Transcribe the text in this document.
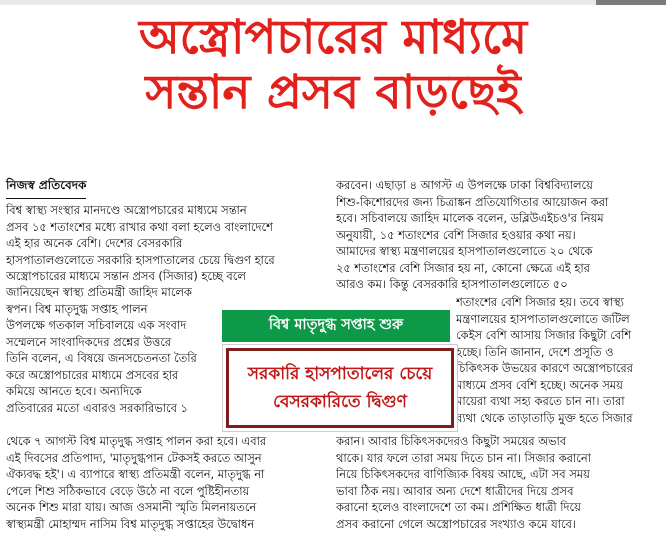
অস্ত্রোপচারের মাধ্যমে
সন্তান প্রসব বাড়ছেই
নিজস্ব প্রতিবেদক
বিশ্ব স্বাস্থ্য সংস্থার মানদণ্ডে অস্ত্রোপচারের মাধ্যমে সন্তান
প্রসব ১৫ শতাংশের মধ্যে রাখার কথা বলা হলেও বাংলাদেশে
এই হার অনেক বেশি। দেশের বেসরকারি
হাসপাতালগুলোতে সরকারি হাসপাতালের চেয়ে দ্বিগুণ হারে
অস্ত্রোপচারের মাধ্যমে সন্তান প্রসব (সিজার) হচ্ছে বলে
জানিয়েছেন স্বাস্থ্য প্রতিমন্ত্রী জাহিদ মালেক
স্বপন। বিশ্ব মাতৃদুগ্ধ সপ্তাহ পালন
উপলক্ষে গতকাল সচিবালয়ে এক সংবাদ
সম্মেলনে সাংবাদিকদের প্রশ্নের উত্তরে
তিনি বলেন, এ বিষয়ে জনসচেতনতা তৈরি
করে অস্ত্রোপচারের মাধ্যমে প্রসবের হার
কমিয়ে আনতে হবে। অন্যদিকে
প্রতিবারের মতো এবারও সরকারিভাবে ১
থেকে ৭ আগস্ট বিশ্ব মাতৃদুগ্ধ সপ্তাহ পালন করা হবে। এবার
এই দিবসের প্রতিপাদ্য, 'মাতৃদুগ্ধপান টেকসই করতে আসুন
ঐক্যবদ্ধ হই'। এ ব্যাপারে স্বাস্থ্য প্রতিমন্ত্রী বলেন, মাতৃদুগ্ধ না
পেলে শিশু সঠিকভাবে বেড়ে উঠে না বলে পুষ্টিহীনতায়
অনেক শিশু মারা যায়। আজ ওসমানী স্মৃতি মিলনায়তনে
স্বাস্থ্যমন্ত্রী মোহাম্মদ নাসিম বিশ্ব মাতৃদুগ্ধ সপ্তাহের উদ্বোধন
করবেন। এছাড়া ৪ আগস্ট এ উপলক্ষে ঢাকা বিশ্ববিদ্যালয়ে
শিশু-কিশোরদের জন্য চিত্রাঙ্কন প্রতিযোগিতার আয়োজন করা
হবে। সচিবালয়ে জাহিদ মালেক বলেন, ডব্লিউএইচও'র নিয়ম
অনুযায়ী, ১৫ শতাংশের বেশি সিজার হওয়ার কথা নয়।
আমাদের স্বাস্থ্য মন্ত্রণালয়ের হাসপাতালগুলোতে ২০ থেকে
২৫ শতাংশের বেশি সিজার হয় না, কোনো ক্ষেত্রে এই হার
আরও কম। কিন্তু বেসরকারি হাসপাতালগুলোতে ৫০
শতাংশের বেশি সিজার হয়। তবে স্বাস্থ্য
মন্ত্রণালয়ের হাসপাতালগুলোতে জটিল
কেইস বেশি আসায় সিজার কিছুটা বেশি
হচ্ছে। তিনি জানান, দেশে প্রসূতি ও
চিকিৎসক উভয়ের কারণে অস্ত্রোপচারের
মাধ্যমে প্রসব বেশি হচ্ছে। অনেক সময়
মায়েরা ব্যথা সহ্য করতে চান না। তারা
ব্যথা থেকে তাড়াতাড়ি মুক্ত হতে সিজার
করান। আবার চিকিৎসকদেরও কিছুটা সময়ের অভাব
থাকে। যার ফলে তারা সময় দিতে চান না। সিজার করানো
নিয়ে চিকিৎসকদের বাণিজ্যিক বিষয় আছে, এটা সব সময়
ভাবা ঠিক নয়। আবার অন্য দেশে ধাত্রীদের দিয়ে প্রসব
করানো হলেও বাংলাদেশে তা কম। প্রশিক্ষিত ধাত্রী দিয়ে
প্রসব করানো গেলে অস্ত্রোপচারের সংখ্যাও কমে যাবে।
বিশ্ব মাতৃদুগ্ধ সপ্তাহ শুরু
সরকারি হাসপাতালের চেয়ে
বেসরকারিতে দ্বিগুণ
